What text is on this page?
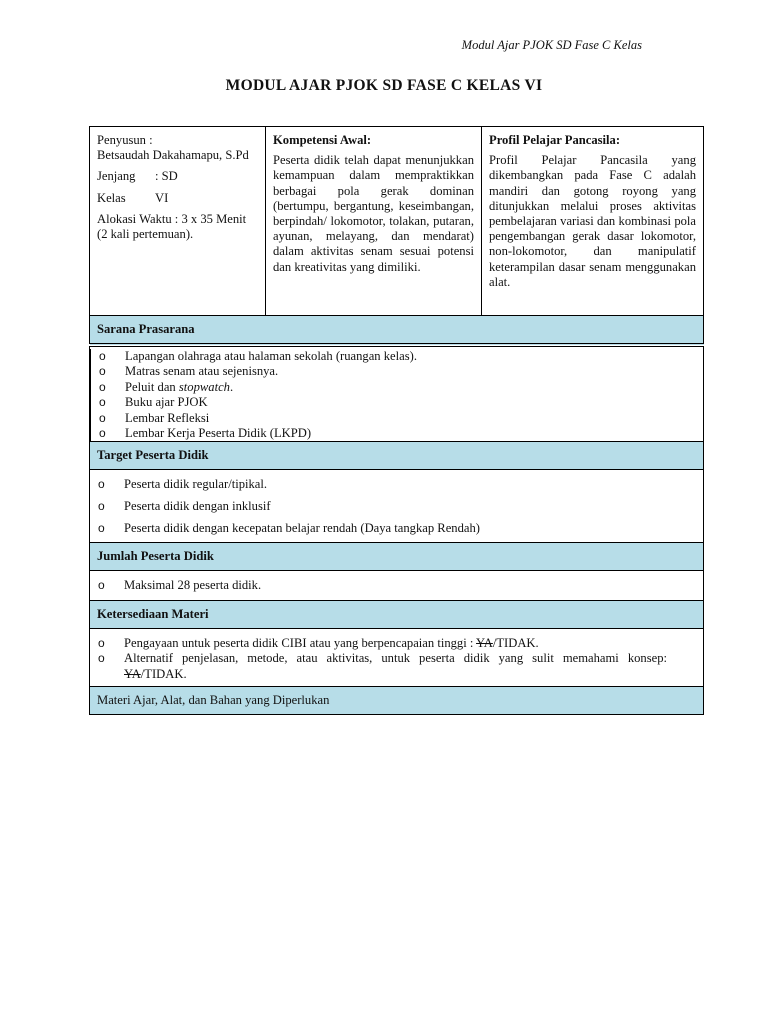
Modul Ajar PJOK SD Fase C Kelas
MODUL AJAR PJOK SD FASE C KELAS VI
Penyusun :
Betsaudah Dakahamapu, S.Pd
Jenjang : SD
Kelas VI
Alokasi Waktu : 3 x 35 Menit (2 kali pertemuan).

Kompetensi Awal:
Peserta didik telah dapat menunjukkan kemampuan dalam mempraktikkan berbagai pola gerak dominan (bertumpu, bergantung, keseimbangan, berpindah/ lokomotor, tolakan, putaran, ayunan, melayang, dan mendarat) dalam aktivitas senam sesuai potensi dan kreativitas yang dimiliki.

Profil Pelajar Pancasila:
Profil Pelajar Pancasila yang dikembangkan pada Fase C adalah mandiri dan gotong royong yang ditunjukkan melalui proses aktivitas pembelajaran variasi dan kombinasi pola pengembangan gerak dasar lokomotor, non-lokomotor, dan manipulatif keterampilan dasar senam menggunakan alat.

Sarana Prasarana

o Lapangan olahraga atau halaman sekolah (ruangan kelas).
o Matras senam atau sejenisnya.
o Peluit dan stopwatch.
o Buku ajar PJOK
o Lembar Refleksi
o Lembar Kerja Peserta Didik (LKPD)

Target Peserta Didik

o Peserta didik regular/tipikal.
o Peserta didik dengan inklusif
o Peserta didik dengan kecepatan belajar rendah (Daya tangkap Rendah)

Jumlah Peserta Didik

o Maksimal 28 peserta didik.

Ketersediaan Materi

o Pengayaan untuk peserta didik CIBI atau yang berpencapaian tinggi : YA/TIDAK.
o Alternatif penjelasan, metode, atau aktivitas, untuk peserta didik yang sulit memahami konsep: YA/TIDAK.

Materi Ajar, Alat, dan Bahan yang Diperlukan
